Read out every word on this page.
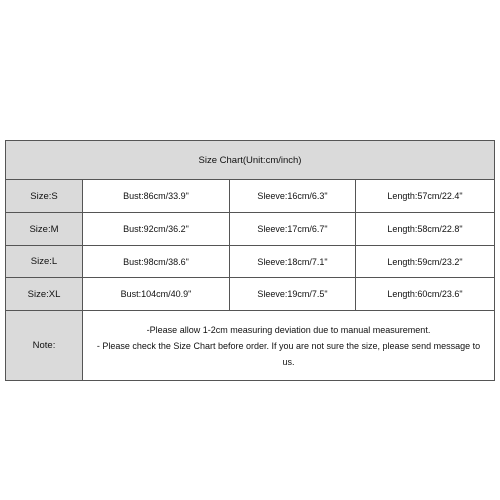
Size Chart(Unit:cm/inch)
Size:S	Bust:86cm/33.9"	Sleeve:16cm/6.3"	Length:57cm/22.4"
Size:M	Bust:92cm/36.2"	Sleeve:17cm/6.7"	Length:58cm/22.8"
Size:L	Bust:98cm/38.6"	Sleeve:18cm/7.1"	Length:59cm/23.2"
Size:XL	Bust:104cm/40.9"	Sleeve:19cm/7.5"	Length:60cm/23.6"
Note:
-Please allow 1-2cm measuring deviation due to manual measurement.
- Please check the Size Chart before order. If you are not sure the size, please send message to us.
